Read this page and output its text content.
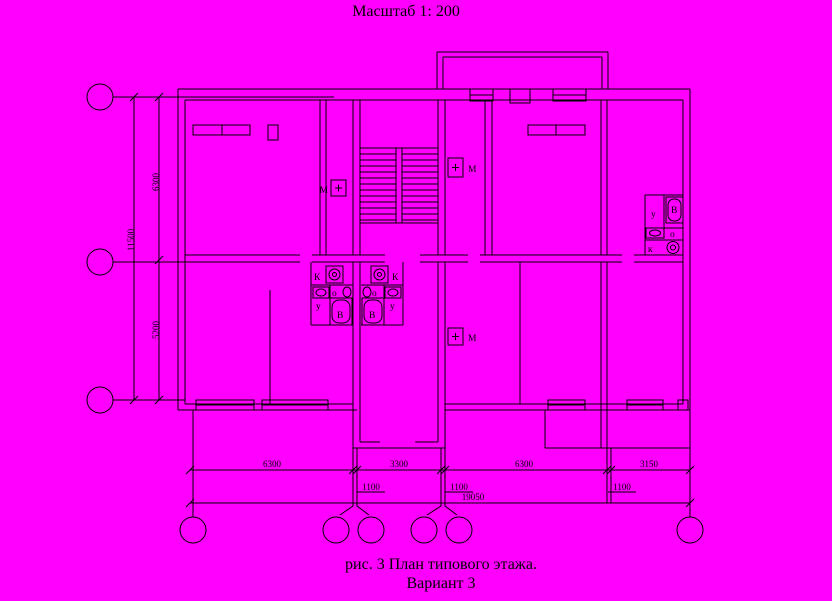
Масштаб 1: 200
11500
6300
5200
6300	3300	6300	3150
1100	1100	1100
19050
М
М
М
К
у
о
В
К
у
о
В
у В
о
к
рис. 3 План типового этажа.
Вариант 3
